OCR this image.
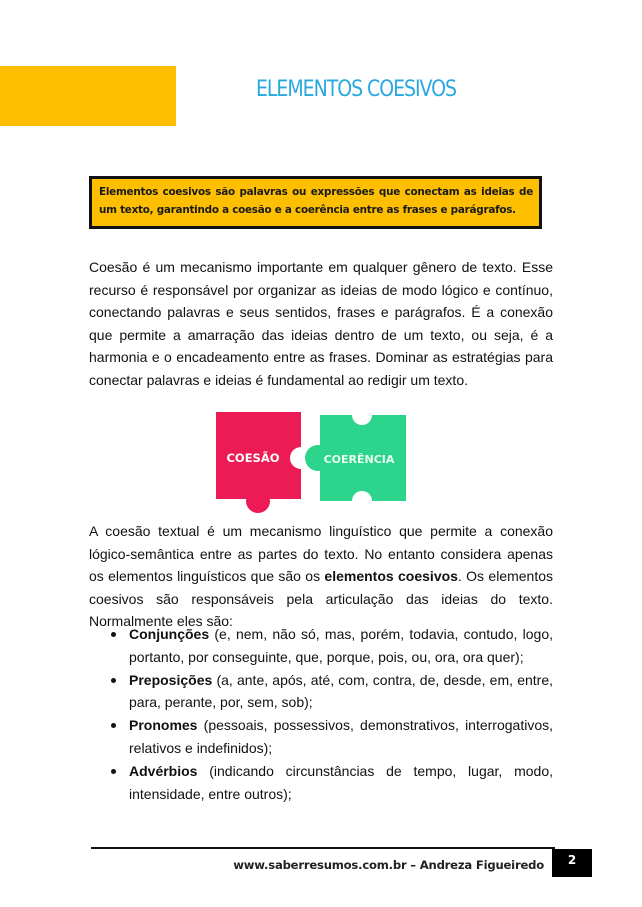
ELEMENTOS COESIVOS

Elementos coesivos são palavras ou expressões que conectam as ideias de um texto, garantindo a coesão e a coerência entre as frases e parágrafos.

Coesão é um mecanismo importante em qualquer gênero de texto. Esse recurso é responsável por organizar as ideias de modo lógico e contínuo, conectando palavras e seus sentidos, frases e parágrafos. É a conexão que permite a amarração das ideias dentro de um texto, ou seja, é a harmonia e o encadeamento entre as frases. Dominar as estratégias para conectar palavras e ideias é fundamental ao redigir um texto.

COESÃO	COERÊNCIA

A coesão textual é um mecanismo linguístico que permite a conexão lógico-semântica entre as partes do texto. No entanto considera apenas os elementos linguísticos que são os elementos coesivos. Os elementos coesivos são responsáveis pela articulação das ideias do texto. Normalmente eles são:

Conjunções (e, nem, não só, mas, porém, todavia, contudo, logo, portanto, por conseguinte, que, porque, pois, ou, ora, ora quer);
Preposições (a, ante, após, até, com, contra, de, desde, em, entre, para, perante, por, sem, sob);
Pronomes (pessoais, possessivos, demonstrativos, interrogativos, relativos e indefinidos);
Advérbios (indicando circunstâncias de tempo, lugar, modo, intensidade, entre outros);

www.saberresumos.com.br – Andreza Figueiredo	2
